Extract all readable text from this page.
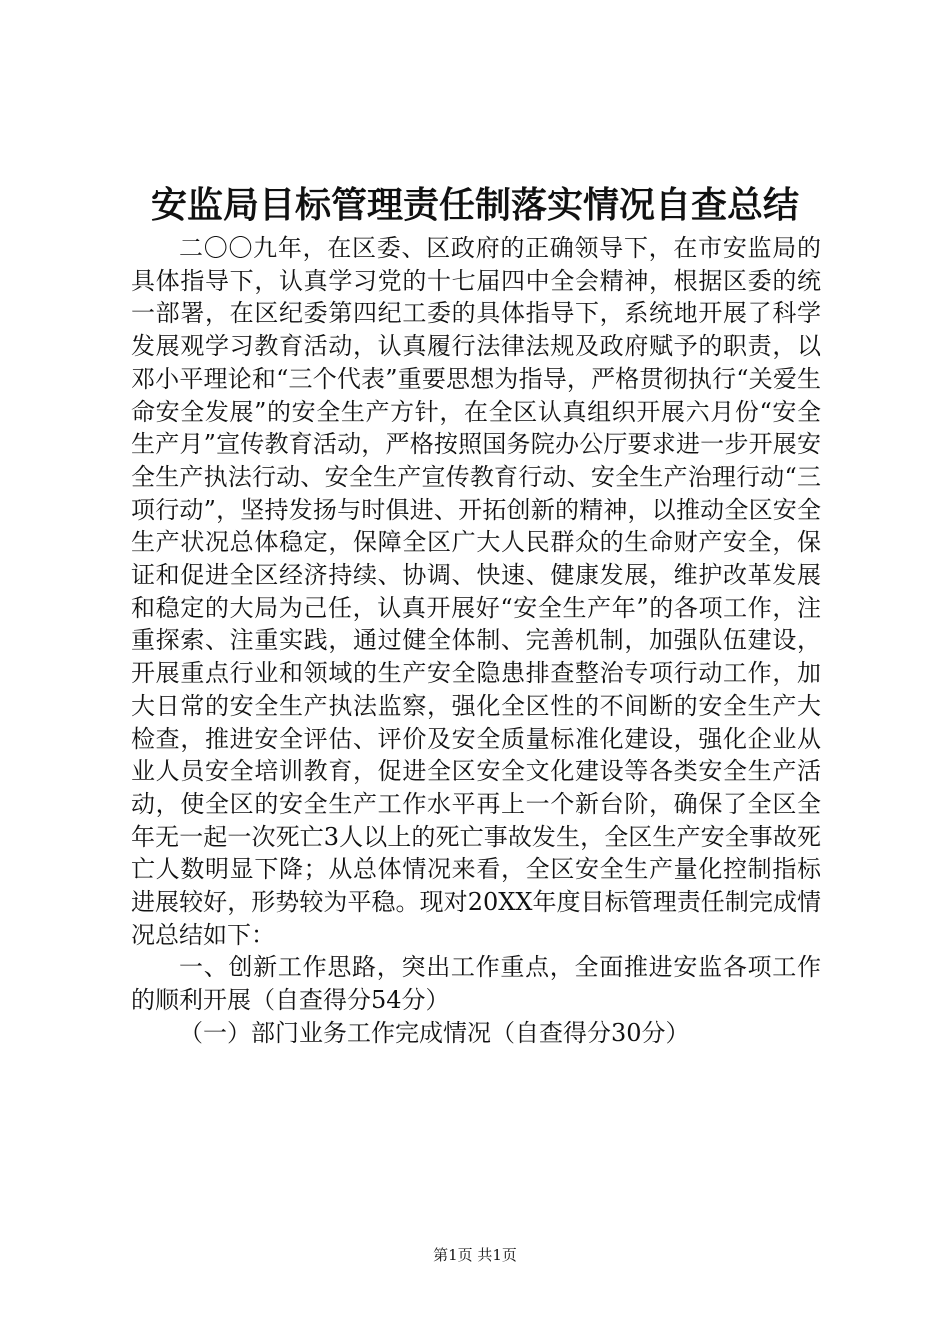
安监局目标管理责任制落实情况自查总结

二〇〇九年，在区委、区政府的正确领导下，在市安监局的具体指导下，认真学习党的十七届四中全会精神，根据区委的统一部署，在区纪委第四纪工委的具体指导下，系统地开展了科学发展观学习教育活动，认真履行法律法规及政府赋予的职责，以邓小平理论和“三个代表”重要思想为指导，严格贯彻执行“关爱生命安全发展”的安全生产方针，在全区认真组织开展六月份“安全生产月”宣传教育活动，严格按照国务院办公厅要求进一步开展安全生产执法行动、安全生产宣传教育行动、安全生产治理行动“三项行动”，坚持发扬与时俱进、开拓创新的精神，以推动全区安全生产状况总体稳定，保障全区广大人民群众的生命财产安全，保证和促进全区经济持续、协调、快速、健康发展，维护改革发展和稳定的大局为己任，认真开展好“安全生产年”的各项工作，注重探索、注重实践，通过健全体制、完善机制，加强队伍建设，开展重点行业和领域的生产安全隐患排查整治专项行动工作，加大日常的安全生产执法监察，强化全区性的不间断的安全生产大检查，推进安全评估、评价及安全质量标准化建设，强化企业从业人员安全培训教育，促进全区安全文化建设等各类安全生产活动，使全区的安全生产工作水平再上一个新台阶，确保了全区全年无一起一次死亡3人以上的死亡事故发生，全区生产安全事故死亡人数明显下降；从总体情况来看，全区安全生产量化控制指标进展较好，形势较为平稳。现对20XX年度目标管理责任制完成情况总结如下：

一、创新工作思路，突出工作重点，全面推进安监各项工作的顺利开展（自查得分54分）

（一）部门业务工作完成情况（自查得分30分）

第1页 共1页
